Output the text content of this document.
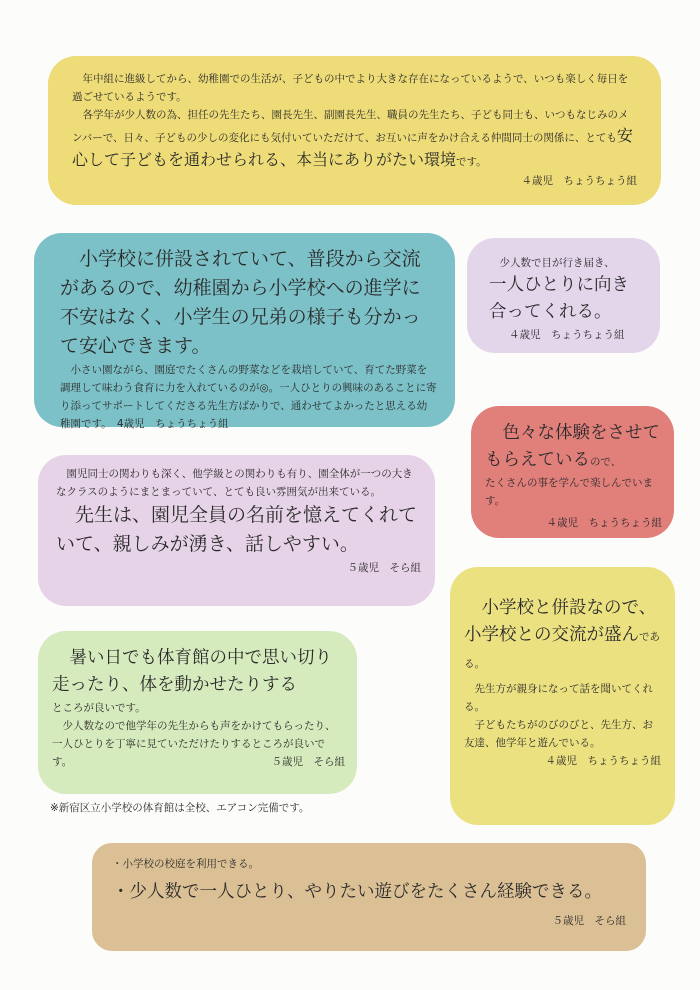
年中組に進級してから、幼稚園での生活が、子どもの中でより大きな存在になっているようで、いつも楽しく毎日を過ごせているようです。

各学年が少人数の為、担任の先生たち、園長先生、副園長先生、職員の先生たち、子ども同士も、いつもなじみのメンバーで、日々、子どもの少しの変化にも気付いていただけて、お互いに声をかけ合える仲間同士の関係に、とても安心して子どもを通わせられる、本当にありがたい環境です。

４歳児　ちょうちょう組

小学校に併設されていて、普段から交流があるので、幼稚園から小学校への進学に不安はなく、小学生の兄弟の様子も分かって安心できます。

小さい園ながら、園庭でたくさんの野菜などを栽培していて、育てた野菜を調理して味わう食育に力を入れているのが◎。一人ひとりの興味のあることに寄り添ってサポートしてくださる先生方ばかりで、通わせてよかったと思える幼稚園です。　4歳児　ちょうちょう組

少人数で目が行き届き、

一人ひとりに向き合ってくれる。

４歳児　ちょうちょう組

色々な体験をさせてもらえているので、

たくさんの事を学んで楽しんでいます。

４歳児　ちょうちょう組

園児同士の関わりも深く、他学級との関わりも有り、園全体が一つの大きなクラスのようにまとまっていて、とても良い雰囲気が出来ている。

先生は、園児全員の名前を憶えてくれていて、親しみが湧き、話しやすい。

５歳児　そら組

暑い日でも体育館の中で思い切り走ったり、体を動かせたりする

ところが良いです。

少人数なので他学年の先生からも声をかけてもらったり、一人ひとりを丁寧に見ていただけたりするところが良いです。	５歳児　そら組

小学校と併設なので、小学校との交流が盛んである。

先生方が親身になって話を聞いてくれる。

子どもたちがのびのびと、先生方、お友達、他学年と遊んでいる。

４歳児　ちょうちょう組

・小学校の校庭を利用できる。

・少人数で一人ひとり、やりたい遊びをたくさん経験できる。

５歳児　そら組

※新宿区立小学校の体育館は全校、エアコン完備です。
